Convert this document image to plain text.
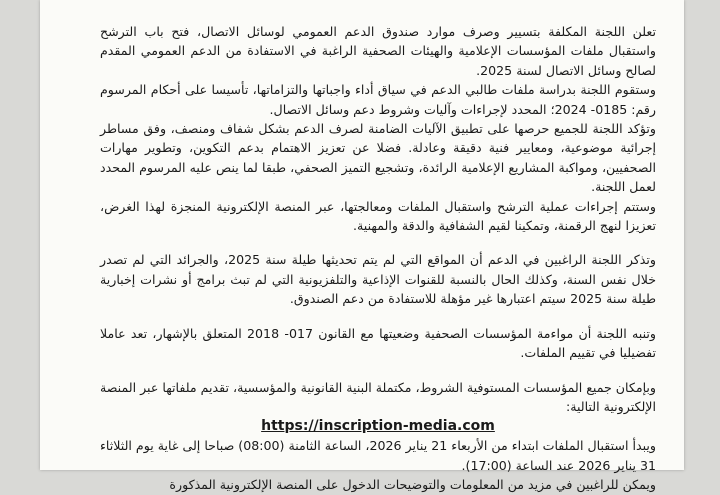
تعلن اللجنة المكلفة بتسيير وصرف موارد صندوق الدعم العمومي لوسائل الاتصال، فتح باب الترشح واستقبال ملفات المؤسسات الإعلامية والهيئات الصحفية الراغبة في الاستفادة من الدعم العمومي المقدم لصالح وسائل الاتصال لسنة 2025.

وستقوم اللجنة بدراسة ملفات طالبي الدعم في سياق أداء واجباتها والتزاماتها، تأسيسا على أحكام المرسوم رقم: 0185- 2024؛ المحدد لإجراءات وآليات وشروط دعم وسائل الاتصال.

وتؤكد اللجنة للجميع حرصها على تطبيق الآليات الضامنة لصرف الدعم بشكل شفاف ومنصف، وفق مساطر إجرائية موضوعية، ومعايير فنية دقيقة وعادلة. فضلا عن تعزيز الاهتمام بدعم التكوين، وتطوير مهارات الصحفيين، ومواكبة المشاريع الإعلامية الرائدة، وتشجيع التميز الصحفي، طبقا لما ينص عليه المرسوم المحدد لعمل اللجنة.

وستتم إجراءات عملية الترشح واستقبال الملفات ومعالجتها، عبر المنصة الإلكترونية المنجزة لهذا الغرض، تعزيزا لنهج الرقمنة، وتمكينا لقيم الشفافية والدقة والمهنية.

وتذكر اللجنة الراغبين في الدعم أن المواقع التي لم يتم تحديثها طيلة سنة 2025، والجرائد التي لم تصدر خلال نفس السنة، وكذلك الحال بالنسبة للقنوات الإذاعية والتلفزيونية التي لم تبث برامج أو نشرات إخبارية طيلة سنة 2025 سيتم اعتبارها غير مؤهلة للاستفادة من دعم الصندوق.

وتنبه اللجنة أن مواءمة المؤسسات الصحفية وضعيتها مع القانون 017- 2018 المتعلق بالإشهار، تعد عاملا تفضيليا في تقييم الملفات.

وبإمكان جميع المؤسسات المستوفية الشروط، مكتملة البنية القانونية والمؤسسية، تقديم ملفاتها عبر المنصة الإلكترونية التالية:

https://inscription-media.com

ويبدأ استقبال الملفات ابتداء من الأربعاء 21 يناير 2026، الساعة الثامنة (08:00) صباحا إلى غاية يوم الثلاثاء 31 يناير 2026 عند الساعة (17:00).

ويمكن للراغبين في مزيد من المعلومات والتوضيحات الدخول على المنصة الإلكترونية المذكورة
